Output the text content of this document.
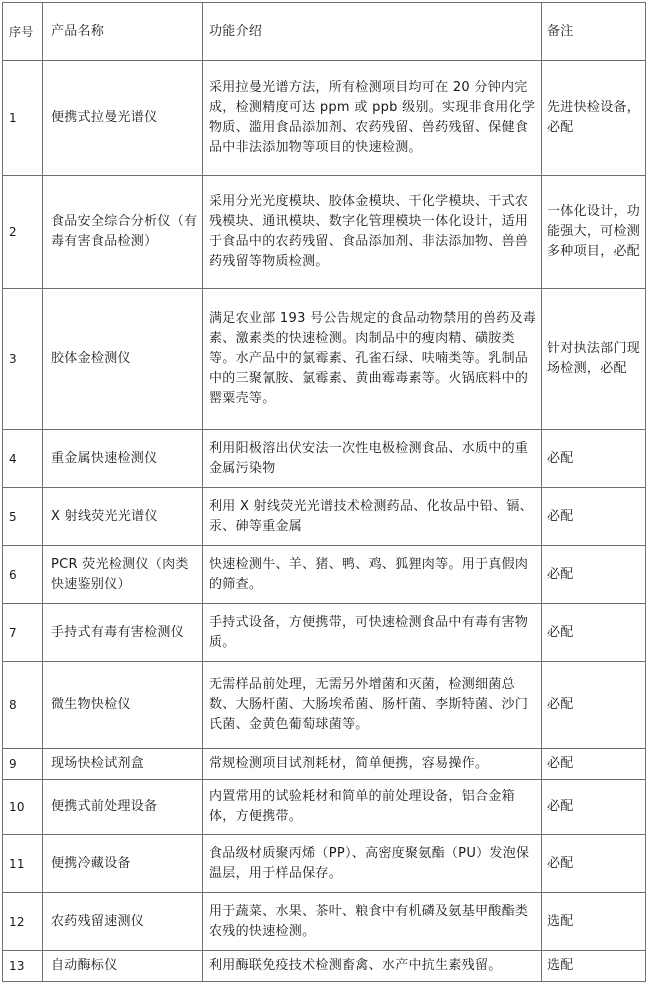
序号	产品名称	功能介绍	备注
1	便携式拉曼光谱仪	采用拉曼光谱方法，所有检测项目均可在 20 分钟内完成，检测精度可达 ppm 或 ppb 级别。实现非食用化学物质、滥用食品添加剂、农药残留、兽药残留、保健食品中非法添加物等项目的快速检测。	先进快检设备，必配
2	食品安全综合分析仪（有毒有害食品检测）	采用分光光度模块、胶体金模块、干化学模块、干式农残模块、通讯模块、数字化管理模块一体化设计，适用于食品中的农药残留、食品添加剂、非法添加物、兽兽药残留等物质检测。	一体化设计，功能强大，可检测多种项目，必配
3	胶体金检测仪	满足农业部 193 号公告规定的食品动物禁用的兽药及毒素、激素类的快速检测。肉制品中的瘦肉精、磺胺类等。水产品中的氯霉素、孔雀石绿、呋喃类等。乳制品中的三聚氰胺、氯霉素、黄曲霉毒素等。火锅底料中的罂粟壳等。	针对执法部门现场检测，必配
4	重金属快速检测仪	利用阳极溶出伏安法一次性电极检测食品、水质中的重金属污染物	必配
5	X 射线荧光光谱仪	利用 X 射线荧光光谱技术检测药品、化妆品中铅、镉、汞、砷等重金属	必配
6	PCR 荧光检测仪（肉类快速鉴别仪）	快速检测牛、羊、猪、鸭、鸡、狐狸肉等。用于真假肉的筛查。	必配
7	手持式有毒有害检测仪	手持式设备，方便携带，可快速检测食品中有毒有害物质。	必配
8	微生物快检仪	无需样品前处理，无需另外增菌和灭菌，检测细菌总数、大肠杆菌、大肠埃希菌、肠杆菌、李斯特菌、沙门氏菌、金黄色葡萄球菌等。	必配
9	现场快检试剂盒	常规检测项目试剂耗材，简单便携，容易操作。	必配
10	便携式前处理设备	内置常用的试验耗材和简单的前处理设备，铝合金箱体，方便携带。	必配
11	便携冷藏设备	食品级材质聚丙烯（PP）、高密度聚氨酯（PU）发泡保温层，用于样品保存。	必配
12	农药残留速测仪	用于蔬菜、水果、茶叶、粮食中有机磷及氨基甲酸酯类农残的快速检测。	选配
13	自动酶标仪	利用酶联免疫技术检测畜禽、水产中抗生素残留。	选配
